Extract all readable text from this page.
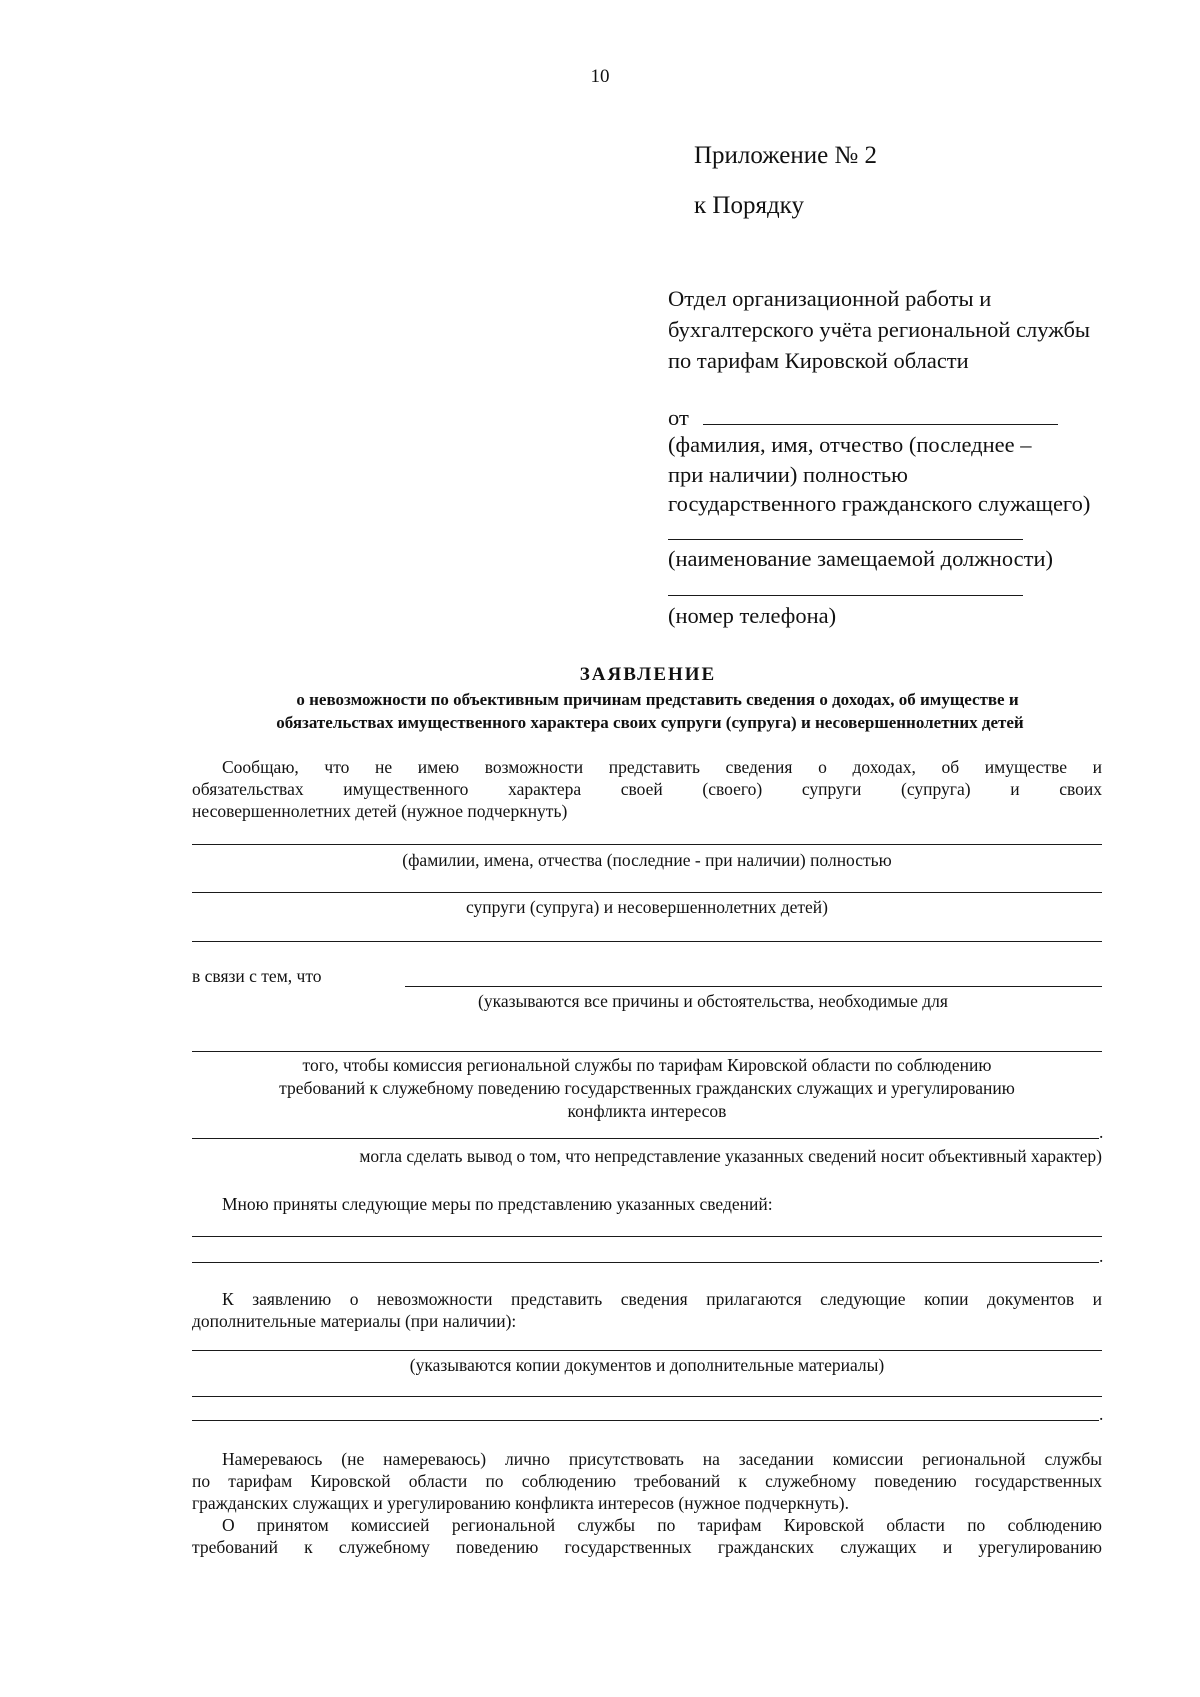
10
Приложение № 2
к Порядку
Отдел организационной работы и
бухгалтерского учёта региональной службы
по тарифам Кировской области
от
(фамилия, имя, отчество (последнее –
при наличии) полностью
государственного гражданского служащего)
(наименование замещаемой должности)
(номер телефона)
ЗАЯВЛЕНИЕ
о невозможности по объективным причинам представить сведения о доходах, об имуществе и
обязательствах имущественного характера своих супруги (супруга) и несовершеннолетних детей
Сообщаю, что не имею возможности представить сведения о доходах, об имуществе и
обязательствах имущественного характера своей (своего) супруги (супруга) и своих
несовершеннолетних детей (нужное подчеркнуть)
(фамилии, имена, отчества (последние - при наличии) полностью
супруги (супруга) и несовершеннолетних детей)
в связи с тем, что
(указываются все причины и обстоятельства, необходимые для
того, чтобы комиссия региональной службы по тарифам Кировской области по соблюдению
требований к служебному поведению государственных гражданских служащих и урегулированию
конфликта интересов
.
могла сделать вывод о том, что непредставление указанных сведений носит объективный характер)
Мною приняты следующие меры по представлению указанных сведений:
.
К заявлению о невозможности представить сведения прилагаются следующие копии документов и
дополнительные материалы (при наличии):
(указываются копии документов и дополнительные материалы)
.
Намереваюсь (не намереваюсь) лично присутствовать на заседании комиссии региональной службы
по тарифам Кировской области по соблюдению требований к служебному поведению государственных
гражданских служащих и урегулированию конфликта интересов (нужное подчеркнуть).
О принятом комиссией региональной службы по тарифам Кировской области по соблюдению
требований к служебному поведению государственных гражданских служащих и урегулированию
